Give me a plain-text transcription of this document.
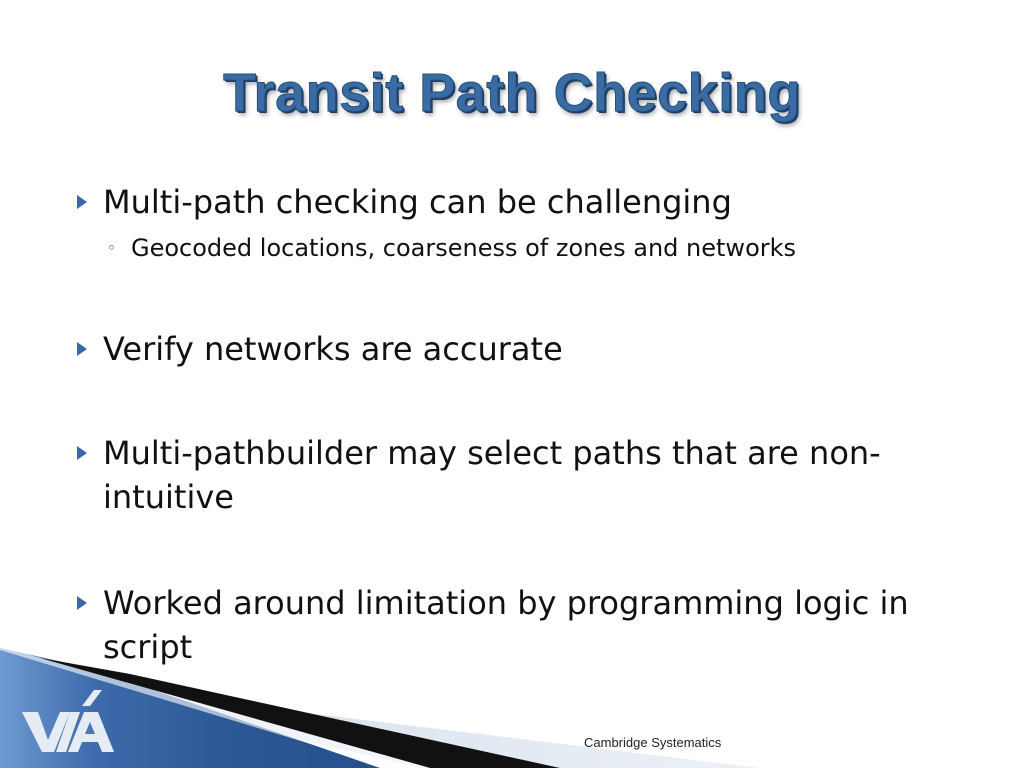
Transit Path Checking
Multi-path checking can be challenging
◦ Geocoded locations, coarseness of zones and networks
Verify networks are accurate
Multi-pathbuilder may select paths that are non-intuitive
Worked around limitation by programming logic in script
Cambridge Systematics
